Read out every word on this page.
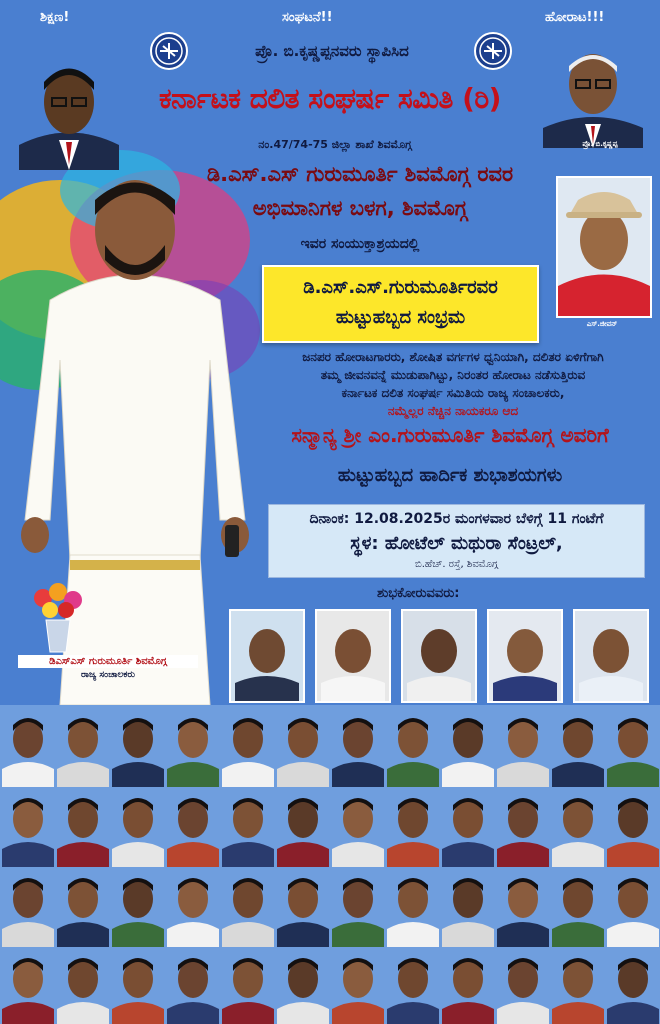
ಶಿಕ್ಷಣ!	ಸಂಘಟನೆ!!	ಹೋರಾಟ!!!
ಪ್ರೊ. ಬಿ.ಕೃಷ್ಣಪ್ಪ
ಎಸ್.ಜೀವನ್
ಪ್ರೊ. ಬಿ.ಕೃಷ್ಣಪ್ಪನವರು ಸ್ಥಾಪಿಸಿದ
ಕರ್ನಾಟಕ ದಲಿತ ಸಂಘರ್ಷ ಸಮಿತಿ (ರಿ)
ನಂ.47/74-75 ಜಿಲ್ಲಾ ಶಾಖೆ ಶಿವಮೊಗ್ಗ
ಡಿ.ಎಸ್.ಎಸ್ ಗುರುಮೂರ್ತಿ ಶಿವಮೊಗ್ಗ ರವರ
ಅಭಿಮಾನಿಗಳ ಬಳಗ, ಶಿವಮೊಗ್ಗ
ಇವರ ಸಂಯುಕ್ತಾಶ್ರಯದಲ್ಲಿ
ಡಿ.ಎಸ್.ಎಸ್.ಗುರುಮೂರ್ತಿರವರ
ಹುಟ್ಟುಹಬ್ಬದ ಸಂಭ್ರಮ
ಜನಪರ ಹೋರಾಟಗಾರರು, ಶೋಷಿತ ವರ್ಗಗಳ ಧ್ವನಿಯಾಗಿ, ದಲಿತರ ಏಳಿಗೆಗಾಗಿ
ತಮ್ಮ ಜೀವನವನ್ನೆ ಮುಡುಪಾಗಿಟ್ಟು, ನಿರಂತರ ಹೋರಾಟ ನಡೆಸುತ್ತಿರುವ
ಕರ್ನಾಟಕ ದಲಿತ ಸಂಘರ್ಷ ಸಮಿತಿಯ ರಾಜ್ಯ ಸಂಚಾಲಕರು,
ನಮ್ಮೆಲ್ಲರ ನೆಚ್ಚಿನ ನಾಯಕರೂ ಆದ
ಸನ್ಮಾನ್ಯ ಶ್ರೀ ಎಂ.ಗುರುಮೂರ್ತಿ ಶಿವಮೊಗ್ಗ ಅವರಿಗೆ
ಹುಟ್ಟುಹಬ್ಬದ ಹಾರ್ದಿಕ ಶುಭಾಶಯಗಳು
ದಿನಾಂಕ: 12.08.2025ರ ಮಂಗಳವಾರ ಬೆಳಿಗ್ಗೆ 11 ಗಂಟೆಗೆ
ಸ್ಥಳ: ಹೋಟೆಲ್ ಮಥುರಾ ಸೆಂಟ್ರಲ್,
ಬಿ.ಹೆಚ್. ರಸ್ತೆ, ಶಿವಮೊಗ್ಗ
ಡಿಎಸ್‌ಎಸ್ ಗುರುಮೂರ್ತಿ ಶಿವಮೊಗ್ಗ
ರಾಜ್ಯ ಸಂಚಾಲಕರು
ಶುಭಕೋರುವವರು:
